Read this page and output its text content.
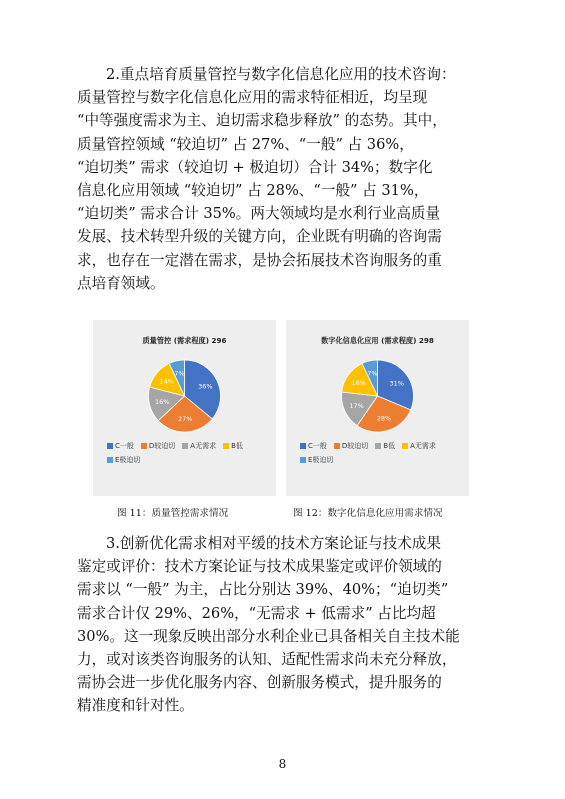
2.重点培育质量管控与数字化信息化应用的技术咨询：
质量管控与数字化信息化应用的需求特征相近，均呈现
“中等强度需求为主、迫切需求稳步释放” 的态势。其中，
质量管控领域 “较迫切” 占 27%、“一般” 占 36%，
“迫切类” 需求（较迫切 + 极迫切）合计 34%；数字化
信息化应用领域 “较迫切” 占 28%、“一般” 占 31%，
“迫切类” 需求合计 35%。两大领域均是水利行业高质量
发展、技术转型升级的关键方向，企业既有明确的咨询需
求，也存在一定潜在需求，是协会拓展技术咨询服务的重
点培育领域。
质量管控 (需求程度) 296
36%
27%
16%
14%
7%
C一般 D较迫切 A无需求 B低E极迫切
数字化信息化应用 (需求程度) 298
31%
28%
17%
16%
7%
C一般 D较迫切 B低 A无需求E极迫切
图 11：质量管控需求情况	图 12：数字化信息化应用需求情况
3.创新优化需求相对平缓的技术方案论证与技术成果
鉴定或评价：技术方案论证与技术成果鉴定或评价领域的
需求以 “一般” 为主，占比分别达 39%、40%；“迫切类”
需求合计仅 29%、26%，“无需求 + 低需求” 占比均超
30%。这一现象反映出部分水利企业已具备相关自主技术能
力，或对该类咨询服务的认知、适配性需求尚未充分释放，
需协会进一步优化服务内容、创新服务模式，提升服务的
精准度和针对性。
8
